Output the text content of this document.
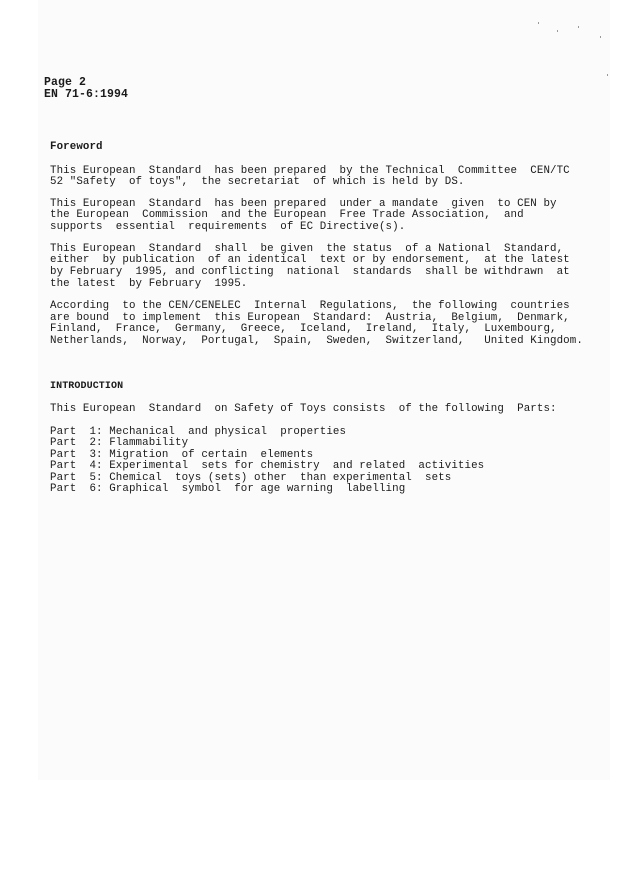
Page 2
EN 71-6:1994
Foreword
This European  Standard  has been prepared  by the Technical  Committee  CEN/TC
52 "Safety  of toys",  the secretariat  of which is held by DS.
This European  Standard  has been prepared  under a mandate  given  to CEN by
the European  Commission  and the European  Free Trade Association,  and
supports  essential  requirements  of EC Directive(s).
This European  Standard  shall  be given  the status  of a National  Standard,
either  by publication  of an identical  text or by endorsement,  at the latest
by February  1995, and conflicting  national  standards  shall be withdrawn  at
the latest  by February  1995.
According  to the CEN/CENELEC  Internal  Regulations,  the following  countries
are bound  to implement  this European  Standard:  Austria,  Belgium,  Denmark,
Finland,  France,  Germany,  Greece,  Iceland,  Ireland,  Italy,  Luxembourg,
Netherlands,  Norway,  Portugal,  Spain,  Sweden,  Switzerland,   United Kingdom.
INTRODUCTION
This European  Standard  on Safety of Toys consists  of the following  Parts:
Part  1: Mechanical  and physical  properties
Part  2: Flammability
Part  3: Migration  of certain  elements
Part  4: Experimental  sets for chemistry  and related  activities
Part  5: Chemical  toys (sets) other  than experimental  sets
Part  6: Graphical  symbol  for age warning  labelling
